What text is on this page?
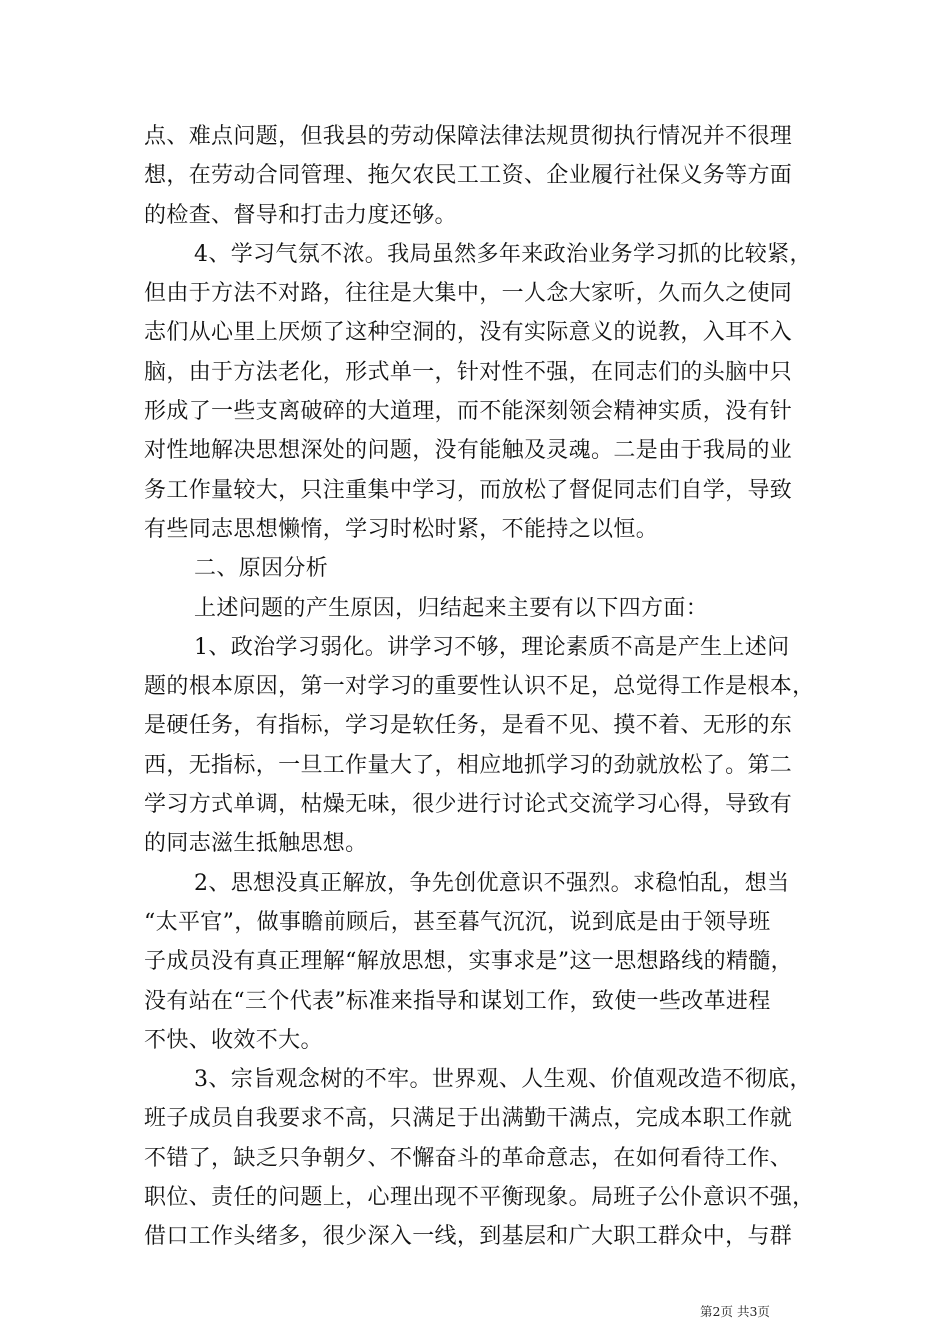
点、难点问题，但我县的劳动保障法律法规贯彻执行情况并不很理
想，在劳动合同管理、拖欠农民工工资、企业履行社保义务等方面
的检查、督导和打击力度还够。
4、学习气氛不浓。我局虽然多年来政治业务学习抓的比较紧，
但由于方法不对路，往往是大集中，一人念大家听，久而久之使同
志们从心里上厌烦了这种空洞的，没有实际意义的说教，入耳不入
脑，由于方法老化，形式单一，针对性不强，在同志们的头脑中只
形成了一些支离破碎的大道理，而不能深刻领会精神实质，没有针
对性地解决思想深处的问题，没有能触及灵魂。二是由于我局的业
务工作量较大，只注重集中学习，而放松了督促同志们自学，导致
有些同志思想懒惰，学习时松时紧，不能持之以恒。
二、原因分析
上述问题的产生原因，归结起来主要有以下四方面：
1、政治学习弱化。讲学习不够，理论素质不高是产生上述问
题的根本原因，第一对学习的重要性认识不足，总觉得工作是根本，
是硬任务，有指标，学习是软任务，是看不见、摸不着、无形的东
西，无指标，一旦工作量大了，相应地抓学习的劲就放松了。第二
学习方式单调，枯燥无味，很少进行讨论式交流学习心得，导致有
的同志滋生抵触思想。
2、思想没真正解放，争先创优意识不强烈。求稳怕乱，想当
“太平官”，做事瞻前顾后，甚至暮气沉沉，说到底是由于领导班
子成员没有真正理解“解放思想，实事求是”这一思想路线的精髓，
没有站在“三个代表”标准来指导和谋划工作，致使一些改革进程
不快、收效不大。
3、宗旨观念树的不牢。世界观、人生观、价值观改造不彻底，
班子成员自我要求不高，只满足于出满勤干满点，完成本职工作就
不错了，缺乏只争朝夕、不懈奋斗的革命意志，在如何看待工作、
职位、责任的问题上，心理出现不平衡现象。局班子公仆意识不强，
借口工作头绪多，很少深入一线，到基层和广大职工群众中，与群
第2页 共3页
